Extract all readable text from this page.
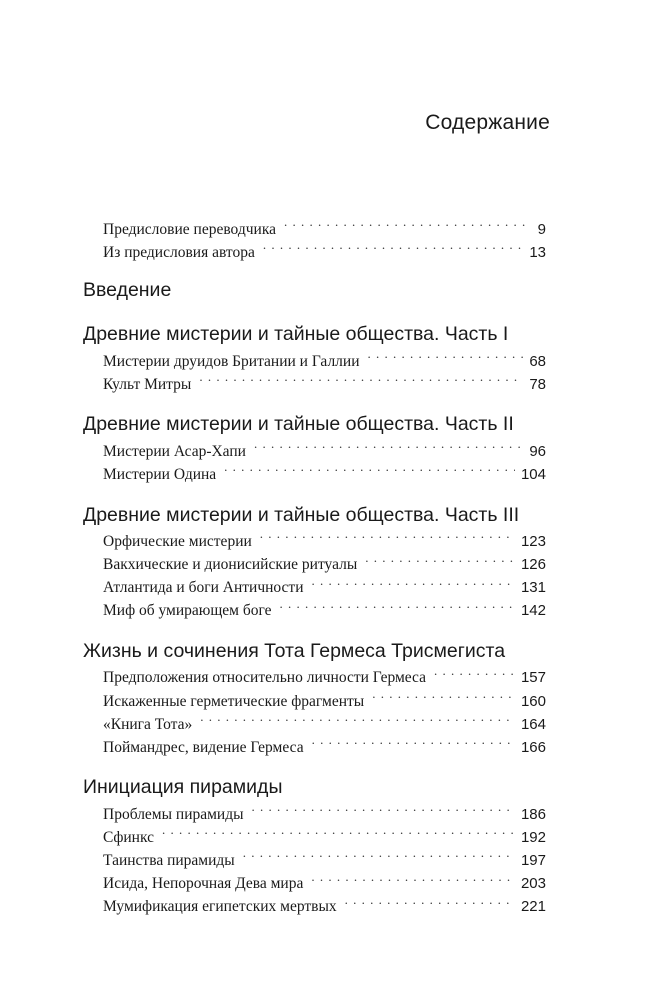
Содержание
Предисловие переводчика . . .	9
Из предисловия автора . . .	13
Введение
Древние мистерии и тайные общества. Часть I
Мистерии друидов Британии и Галлии . . .	68
Культ Митры . . .	78
Древние мистерии и тайные общества. Часть II
Мистерии Асар-Хапи . . .	96
Мистерии Одина . . .	104
Древние мистерии и тайные общества. Часть III
Орфические мистерии . . .	123
Вакхические и дионисийские ритуалы . . .	126
Атлантида и боги Античности . . .	131
Миф об умирающем боге . . .	142
Жизнь и сочинения Тота Гермеса Трисмегиста
Предположения относительно личности Гермеса . . .	157
Искаженные герметические фрагменты . . .	160
«Книга Тота» . . .	164
Поймандрес, видение Гермеса . . .	166
Инициация пирамиды
Проблемы пирамиды . . .	186
Сфинкс . . .	192
Таинства пирамиды . . .	197
Исида, Непорочная Дева мира . . .	203
Мумификация египетских мертвых . . .	221
